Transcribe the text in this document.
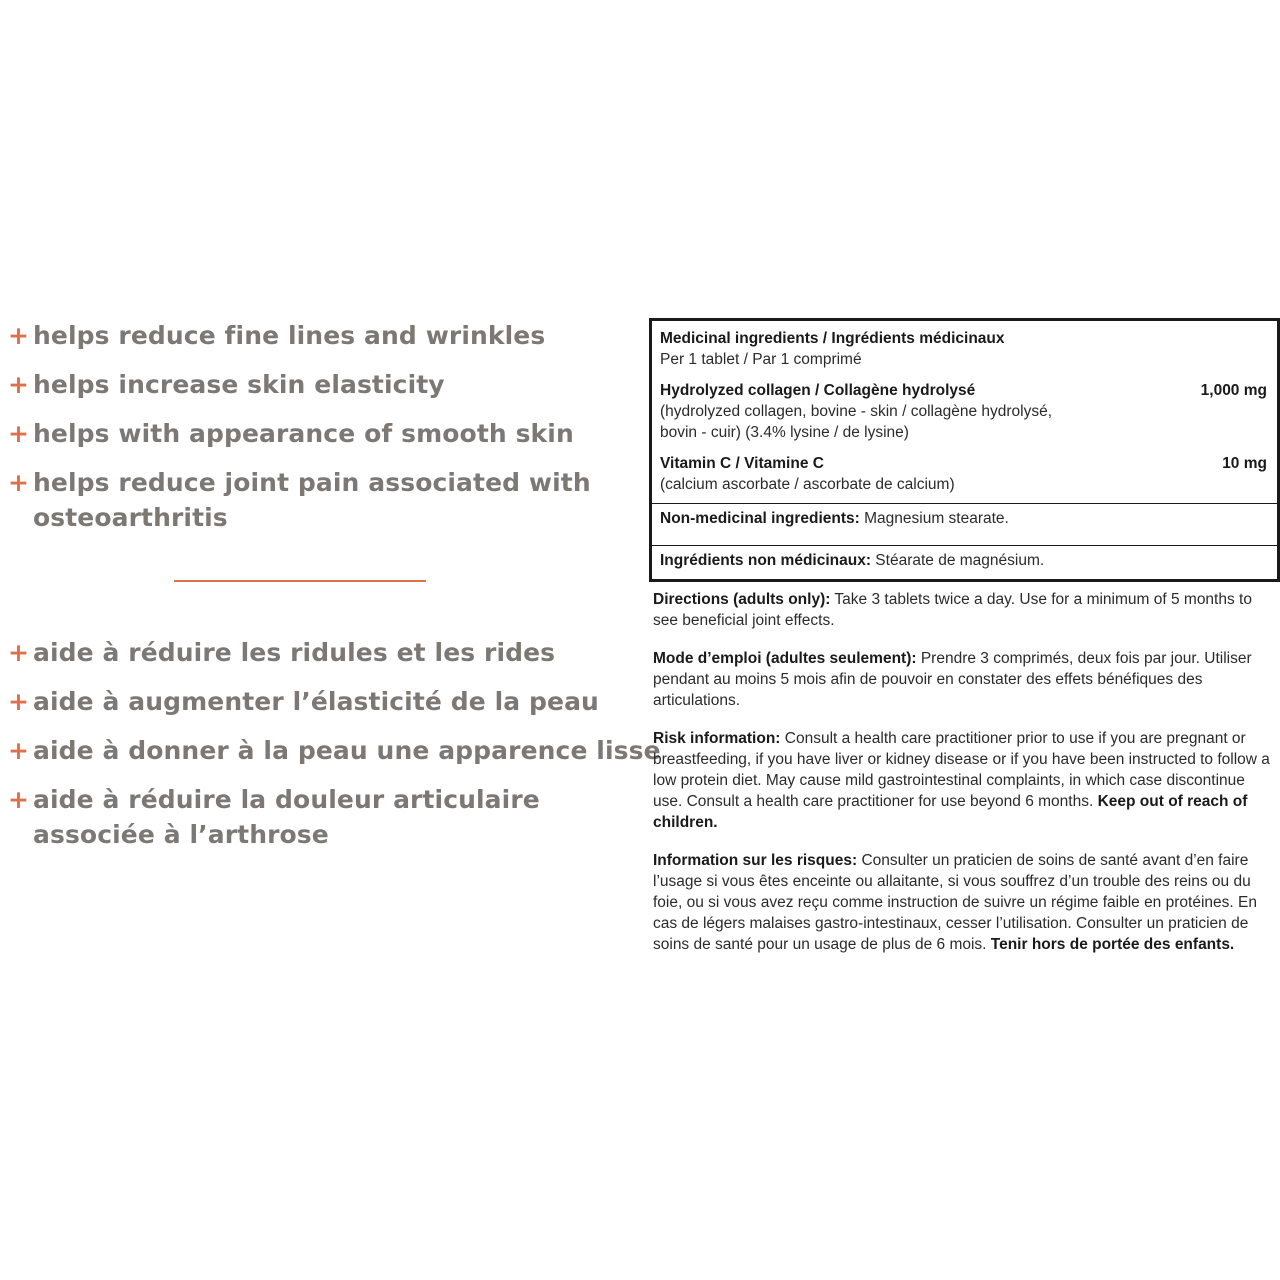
+ helps reduce fine lines and wrinkles
+ helps increase skin elasticity
+ helps with appearance of smooth skin
+ helps reduce joint pain associated with
osteoarthritis
+ aide à réduire les ridules et les rides
+ aide à augmenter l’élasticité de la peau
+ aide à donner à la peau une apparence lisse
+ aide à réduire la douleur articulaire
associée à l’arthrose
Medicinal ingredients / Ingrédients médicinaux
Per 1 tablet / Par 1 comprimé
Hydrolyzed collagen / Collagène hydrolysé	1,000 mg
(hydrolyzed collagen, bovine - skin / collagène hydrolysé,
bovin - cuir) (3.4% lysine / de lysine)
Vitamin C / Vitamine C	10 mg
(calcium ascorbate / ascorbate de calcium)
Non-medicinal ingredients: Magnesium stearate.
Ingrédients non médicinaux: Stéarate de magnésium.

Directions (adults only): Take 3 tablets twice a day. Use for a minimum of 5 months to see beneficial joint effects.

Mode d’emploi (adultes seulement): Prendre 3 comprimés, deux fois par jour. Utiliser pendant au moins 5 mois afin de pouvoir en constater des effets bénéfiques des articulations.

Risk information: Consult a health care practitioner prior to use if you are pregnant or breastfeeding, if you have liver or kidney disease or if you have been instructed to follow a low protein diet. May cause mild gastrointestinal complaints, in which case discontinue use. Consult a health care practitioner for use beyond 6 months. Keep out of reach of children.

Information sur les risques: Consulter un praticien de soins de santé avant d’en faire l’usage si vous êtes enceinte ou allaitante, si vous souffrez d’un trouble des reins ou du foie, ou si vous avez reçu comme instruction de suivre un régime faible en protéines. En cas de légers malaises gastro-intestinaux, cesser l’utilisation. Consulter un praticien de soins de santé pour un usage de plus de 6 mois. Tenir hors de portée des enfants.
